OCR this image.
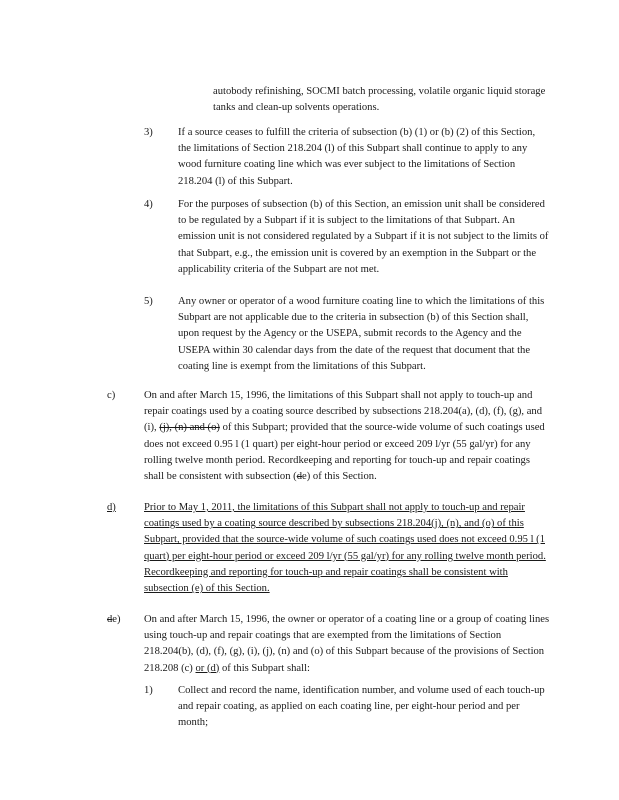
autobody refinishing, SOCMI batch processing, volatile organic liquid storage tanks and clean-up solvents operations.

3) If a source ceases to fulfill the criteria of subsection (b) (1) or (b) (2) of this Section, the limitations of Section 218.204 (l) of this Subpart shall continue to apply to any wood furniture coating line which was ever subject to the limitations of Section 218.204 (l) of this Subpart.

4) For the purposes of subsection (b) of this Section, an emission unit shall be considered to be regulated by a Subpart if it is subject to the limitations of that Subpart. An emission unit is not considered regulated by a Subpart if it is not subject to the limits of that Subpart, e.g., the emission unit is covered by an exemption in the Subpart or the applicability criteria of the Subpart are not met.

5) Any owner or operator of a wood furniture coating line to which the limitations of this Subpart are not applicable due to the criteria in subsection (b) of this Section shall, upon request by the Agency or the USEPA, submit records to the Agency and the USEPA within 30 calendar days from the date of the request that document that the coating line is exempt from the limitations of this Subpart.

c)	On and after March 15, 1996, the limitations of this Subpart shall not apply to touch-up and repair coatings used by a coating source described by subsections 218.204(a), (d), (f), (g), and (i), (j), (n) and (o) of this Subpart; provided that the source-wide volume of such coatings used does not exceed 0.95 l (1 quart) per eight-hour period or exceed 209 l/yr (55 gal/yr) for any rolling twelve month period. Recordkeeping and reporting for touch-up and repair coatings shall be consistent with subsection (de) of this Section.

d)	Prior to May 1, 2011, the limitations of this Subpart shall not apply to touch-up and repair coatings used by a coating source described by subsections 218.204(j), (n), and (o) of this Subpart, provided that the source-wide volume of such coatings used does not exceed 0.95 l (1 quart) per eight-hour period or exceed 209 l/yr (55 gal/yr) for any rolling twelve month period. Recordkeeping and reporting for touch-up and repair coatings shall be consistent with subsection (e) of this Section.

de) On and after March 15, 1996, the owner or operator of a coating line or a group of coating lines using touch-up and repair coatings that are exempted from the limitations of Section 218.204(b), (d), (f), (g), (i), (j), (n) and (o) of this Subpart because of the provisions of Section 218.208 (c) or (d) of this Subpart shall:

1) Collect and record the name, identification number, and volume used of each touch-up and repair coating, as applied on each coating line, per eight-hour period and per month;
